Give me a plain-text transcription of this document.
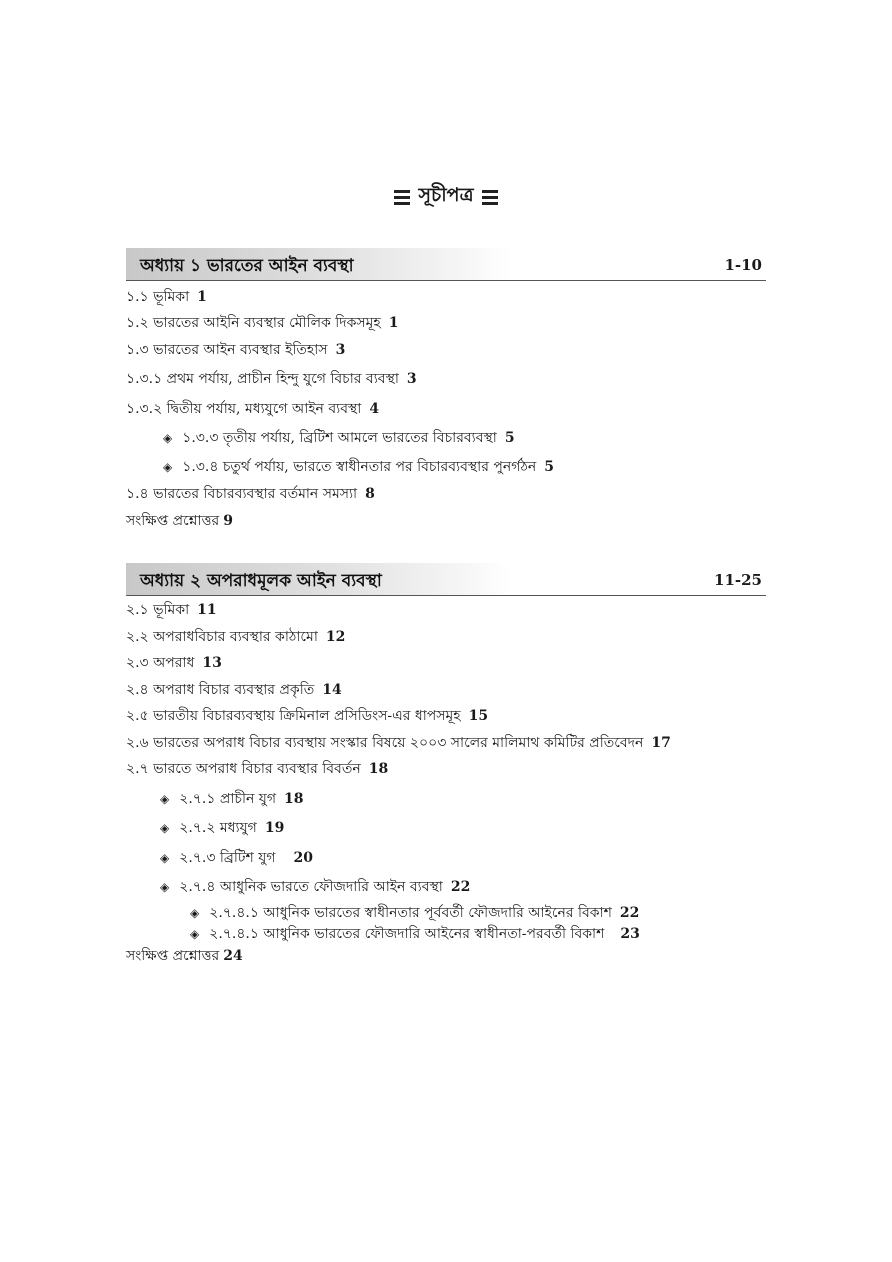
সূচীপত্র
অধ্যায় ১ ভারতের আইন ব্যবস্থা	1-10
১.১ ভূমিকা 1
১.২ ভারতের আইনি ব্যবস্থার মৌলিক দিকসমূহ 1
১.৩ ভারতের আইন ব্যবস্থার ইতিহাস 3
১.৩.১ প্রথম পর্যায়, প্রাচীন হিন্দু যুগে বিচার ব্যবস্থা 3
১.৩.২ দ্বিতীয় পর্যায়, মধ্যযুগে আইন ব্যবস্থা 4
◈ ১.৩.৩ তৃতীয় পর্যায়, ব্রিটিশ আমলে ভারতের বিচারব্যবস্থা 5
◈ ১.৩.৪ চতুর্থ পর্যায়, ভারতে স্বাধীনতার পর বিচারব্যবস্থার পুনর্গঠন 5
১.৪ ভারতের বিচারব্যবস্থার বর্তমান সমস্যা 8
সংক্ষিপ্ত প্রশ্নোত্তর 9
অধ্যায় ২ অপরাধমূলক আইন ব্যবস্থা	11-25
২.১ ভূমিকা 11
২.২ অপরাধবিচার ব্যবস্থার কাঠামো 12
২.৩ অপরাধ 13
২.৪ অপরাধ বিচার ব্যবস্থার প্রকৃতি 14
২.৫ ভারতীয় বিচারব্যবস্থায় ক্রিমিনাল প্রসিডিংস-এর ধাপসমূহ 15
২.৬ ভারতের অপরাধ বিচার ব্যবস্থায় সংস্কার বিষয়ে ২০০৩ সালের মালিমাথ কমিটির প্রতিবেদন 17
২.৭ ভারতে অপরাধ বিচার ব্যবস্থার বিবর্তন 18
◈ ২.৭.১ প্রাচীন যুগ 18
◈ ২.৭.২ মধ্যযুগ 19
◈ ২.৭.৩ ব্রিটিশ যুগ 20
◈ ২.৭.৪ আধুনিক ভারতে ফৌজদারি আইন ব্যবস্থা 22
◈ ২.৭.৪.১ আধুনিক ভারতের স্বাধীনতার পূর্ববর্তী ফৌজদারি আইনের বিকাশ 22
◈ ২.৭.৪.১ আধুনিক ভারতের ফৌজদারি আইনের স্বাধীনতা-পরবর্তী বিকাশ 23
সংক্ষিপ্ত প্রশ্নোত্তর 24
